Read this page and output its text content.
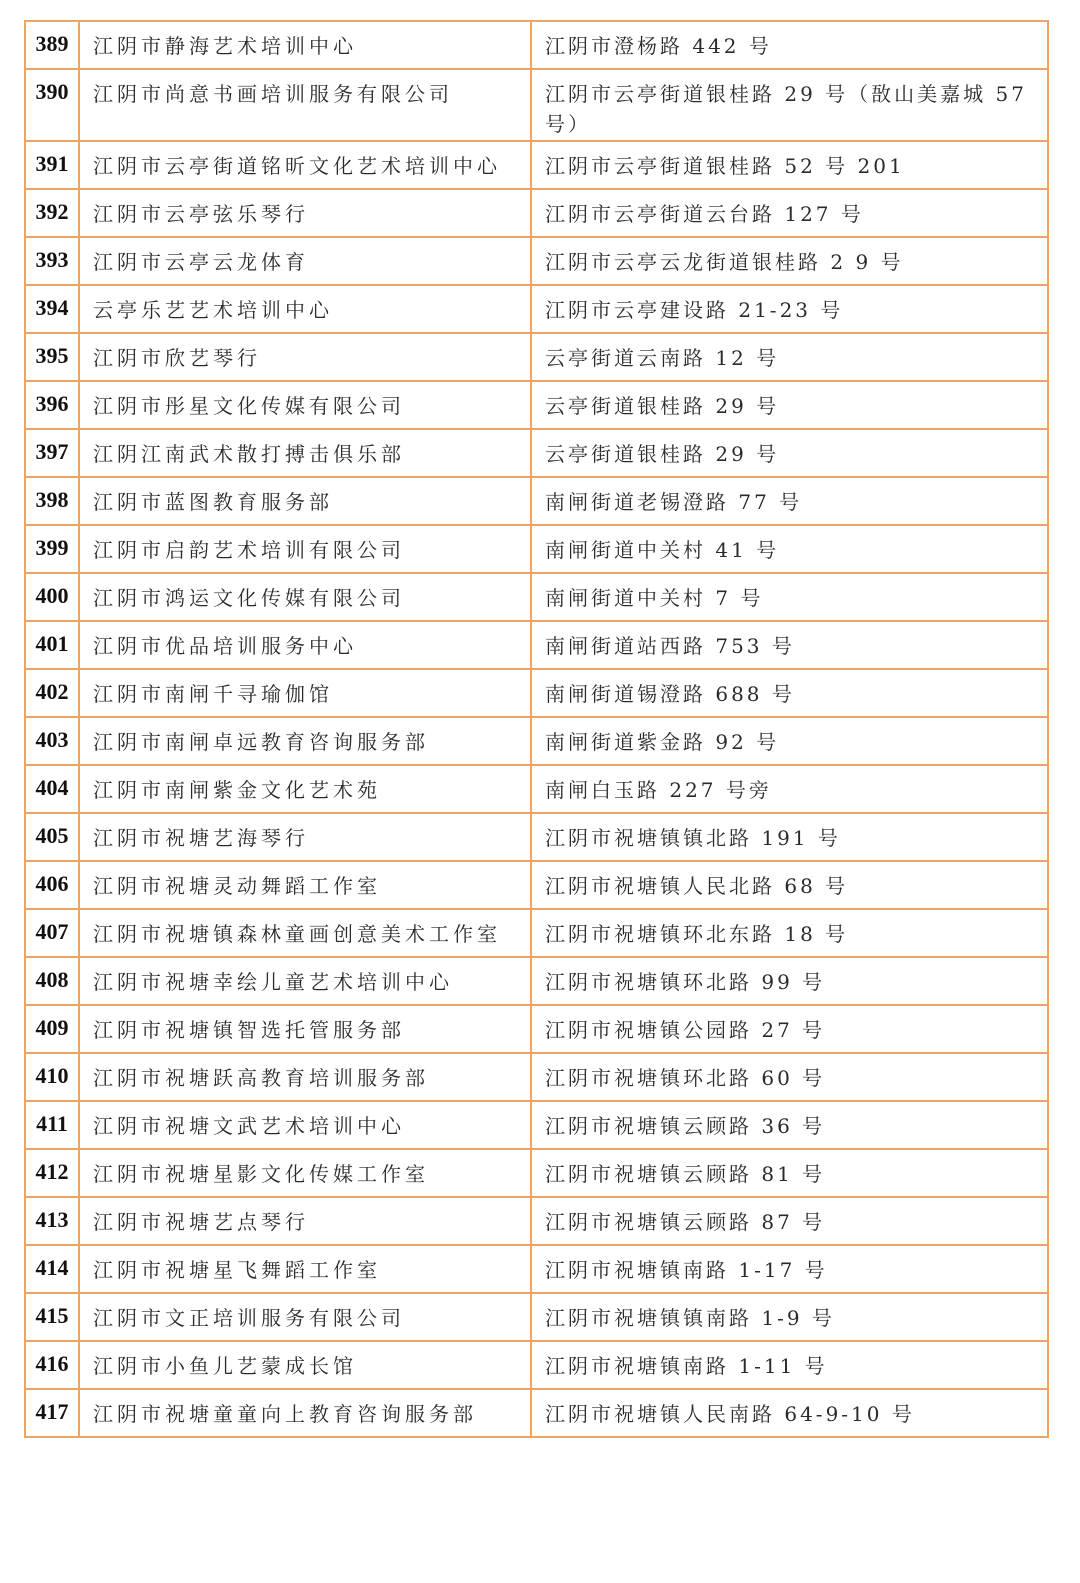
389	江阴市静海艺术培训中心	江阴市澄杨路 442 号
390	江阴市尚意书画培训服务有限公司	江阴市云亭街道银桂路 29 号（敔山美嘉城 57 号）
391	江阴市云亭街道铭昕文化艺术培训中心	江阴市云亭街道银桂路 52 号 201
392	江阴市云亭弦乐琴行	江阴市云亭街道云台路 127 号
393	江阴市云亭云龙体育	江阴市云亭云龙街道银桂路 2 9 号
394	云亭乐艺艺术培训中心	江阴市云亭建设路 21-23 号
395	江阴市欣艺琴行	云亭街道云南路 12 号
396	江阴市彤星文化传媒有限公司	云亭街道银桂路 29 号
397	江阴江南武术散打搏击俱乐部	云亭街道银桂路 29 号
398	江阴市蓝图教育服务部	南闸街道老锡澄路 77 号
399	江阴市启韵艺术培训有限公司	南闸街道中关村 41 号
400	江阴市鸿运文化传媒有限公司	南闸街道中关村 7 号
401	江阴市优品培训服务中心	南闸街道站西路 753 号
402	江阴市南闸千寻瑜伽馆	南闸街道锡澄路 688 号
403	江阴市南闸卓远教育咨询服务部	南闸街道紫金路 92 号
404	江阴市南闸紫金文化艺术苑	南闸白玉路 227 号旁
405	江阴市祝塘艺海琴行	江阴市祝塘镇镇北路 191 号
406	江阴市祝塘灵动舞蹈工作室	江阴市祝塘镇人民北路 68 号
407	江阴市祝塘镇森林童画创意美术工作室	江阴市祝塘镇环北东路 18 号
408	江阴市祝塘幸绘儿童艺术培训中心	江阴市祝塘镇环北路 99 号
409	江阴市祝塘镇智选托管服务部	江阴市祝塘镇公园路 27 号
410	江阴市祝塘跃高教育培训服务部	江阴市祝塘镇环北路 60 号
411	江阴市祝塘文武艺术培训中心	江阴市祝塘镇云顾路 36 号
412	江阴市祝塘星影文化传媒工作室	江阴市祝塘镇云顾路 81 号
413	江阴市祝塘艺点琴行	江阴市祝塘镇云顾路 87 号
414	江阴市祝塘星飞舞蹈工作室	江阴市祝塘镇南路 1-17 号
415	江阴市文正培训服务有限公司	江阴市祝塘镇镇南路 1-9 号
416	江阴市小鱼儿艺蒙成长馆	江阴市祝塘镇南路 1-11 号
417	江阴市祝塘童童向上教育咨询服务部	江阴市祝塘镇人民南路 64-9-10 号
